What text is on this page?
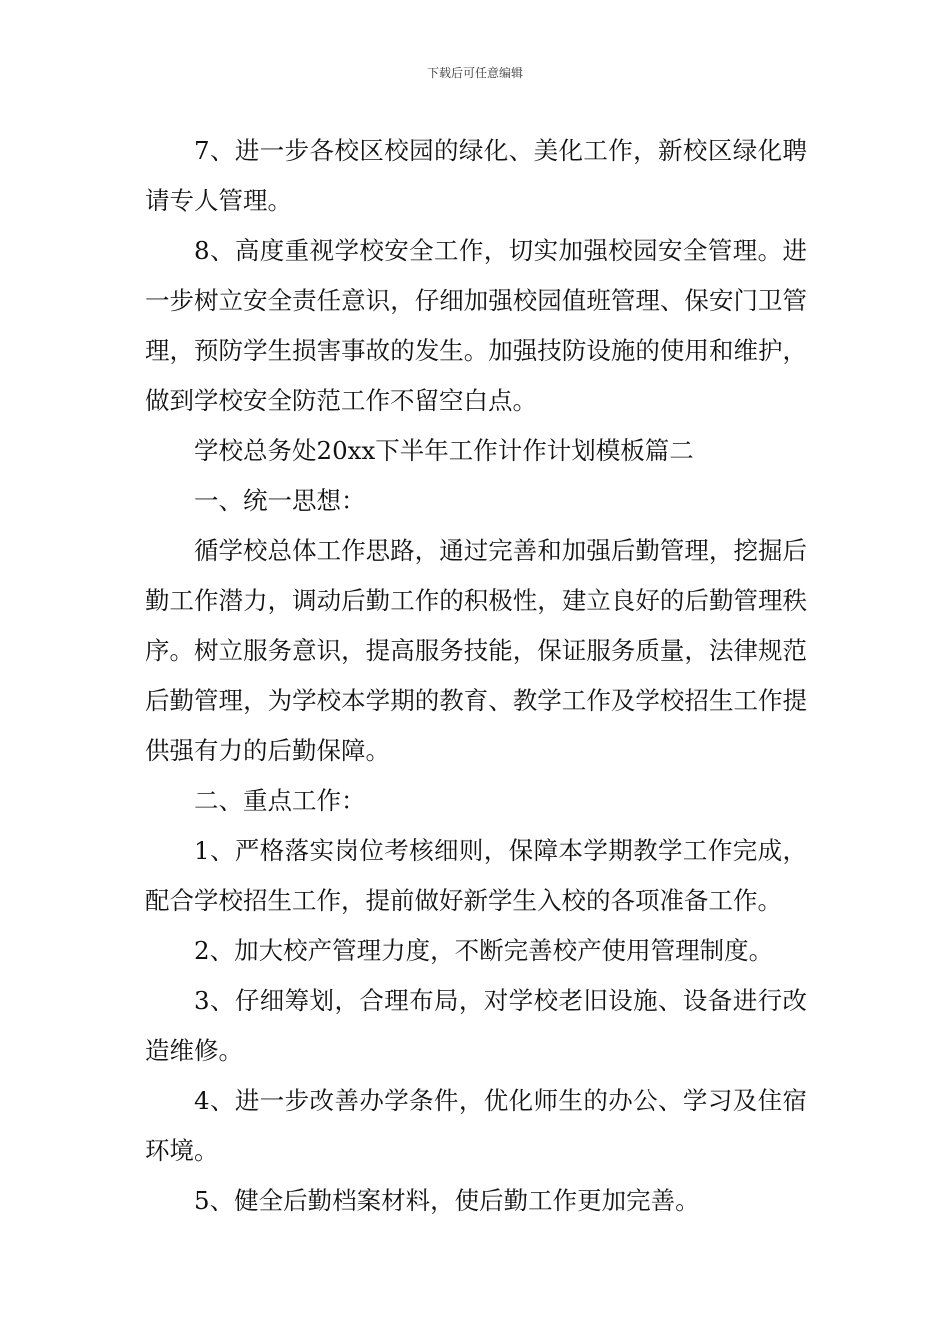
下载后可任意编辑

7、进一步各校区校园的绿化、美化工作，新校区绿化聘请专人管理。

8、高度重视学校安全工作，切实加强校园安全管理。进一步树立安全责任意识，仔细加强校园值班管理、保安门卫管理，预防学生损害事故的发生。加强技防设施的使用和维护，做到学校安全防范工作不留空白点。

学校总务处20xx下半年工作计作计划模板篇二

一、统一思想：

循学校总体工作思路，通过完善和加强后勤管理，挖掘后勤工作潜力，调动后勤工作的积极性，建立良好的后勤管理秩序。树立服务意识，提高服务技能，保证服务质量，法律规范后勤管理，为学校本学期的教育、教学工作及学校招生工作提供强有力的后勤保障。

二、重点工作：

1、严格落实岗位考核细则，保障本学期教学工作完成，配合学校招生工作，提前做好新学生入校的各项准备工作。

2、加大校产管理力度，不断完善校产使用管理制度。

3、仔细筹划，合理布局，对学校老旧设施、设备进行改造维修。

4、进一步改善办学条件，优化师生的办公、学习及住宿环境。

5、健全后勤档案材料，使后勤工作更加完善。
